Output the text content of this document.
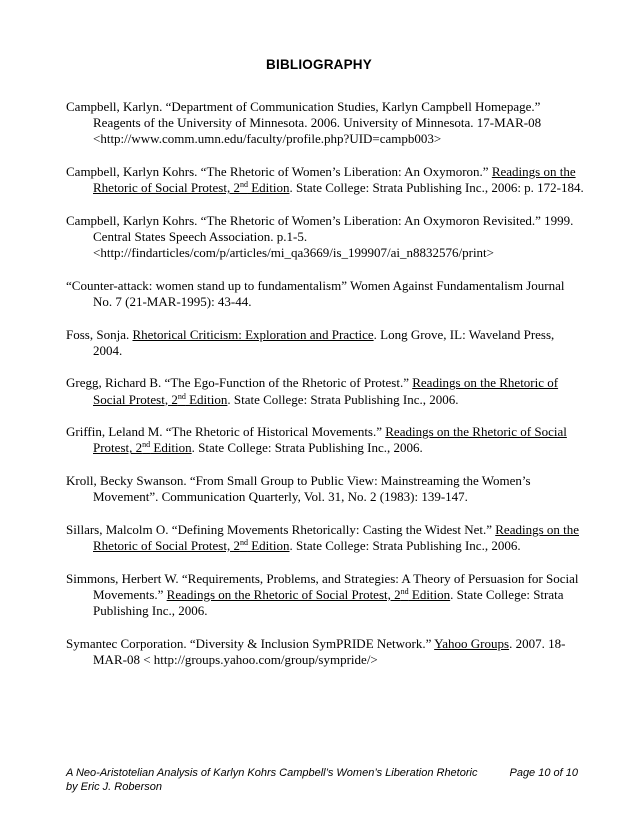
BIBLIOGRAPHY

Campbell, Karlyn. “Department of Communication Studies, Karlyn Campbell Homepage.” Reagents of the University of Minnesota. 2006. University of Minnesota. 17-MAR-08 <http://www.comm.umn.edu/faculty/profile.php?UID=campb003>

Campbell, Karlyn Kohrs. “The Rhetoric of Women’s Liberation: An Oxymoron.” Readings on the Rhetoric of Social Protest, 2nd Edition. State College: Strata Publishing Inc., 2006: p. 172-184.

Campbell, Karlyn Kohrs. “The Rhetoric of Women’s Liberation: An Oxymoron Revisited.” 1999. Central States Speech Association. p.1-5. <http://findarticles/com/p/articles/mi_qa3669/is_199907/ai_n8832576/print>

“Counter-attack: women stand up to fundamentalism” Women Against Fundamentalism Journal No. 7 (21-MAR-1995): 43-44.

Foss, Sonja. Rhetorical Criticism: Exploration and Practice. Long Grove, IL: Waveland Press, 2004.

Gregg, Richard B. “The Ego-Function of the Rhetoric of Protest.” Readings on the Rhetoric of Social Protest, 2nd Edition. State College: Strata Publishing Inc., 2006.

Griffin, Leland M. “The Rhetoric of Historical Movements.” Readings on the Rhetoric of Social Protest, 2nd Edition. State College: Strata Publishing Inc., 2006.

Kroll, Becky Swanson. “From Small Group to Public View: Mainstreaming the Women’s Movement”. Communication Quarterly, Vol. 31, No. 2 (1983): 139-147.

Sillars, Malcolm O. “Defining Movements Rhetorically: Casting the Widest Net.” Readings on the Rhetoric of Social Protest, 2nd Edition. State College: Strata Publishing Inc., 2006.

Simmons, Herbert W. “Requirements, Problems, and Strategies: A Theory of Persuasion for Social Movements.” Readings on the Rhetoric of Social Protest, 2nd Edition. State College: Strata Publishing Inc., 2006.

Symantec Corporation. “Diversity & Inclusion SymPRIDE Network.” Yahoo Groups. 2007. 18-MAR-08 < http://groups.yahoo.com/group/sympride/>

A Neo-Aristotelian Analysis of Karlyn Kohrs Campbell’s Women’s Liberation Rhetoric	Page 10 of 10
by Eric J. Roberson
